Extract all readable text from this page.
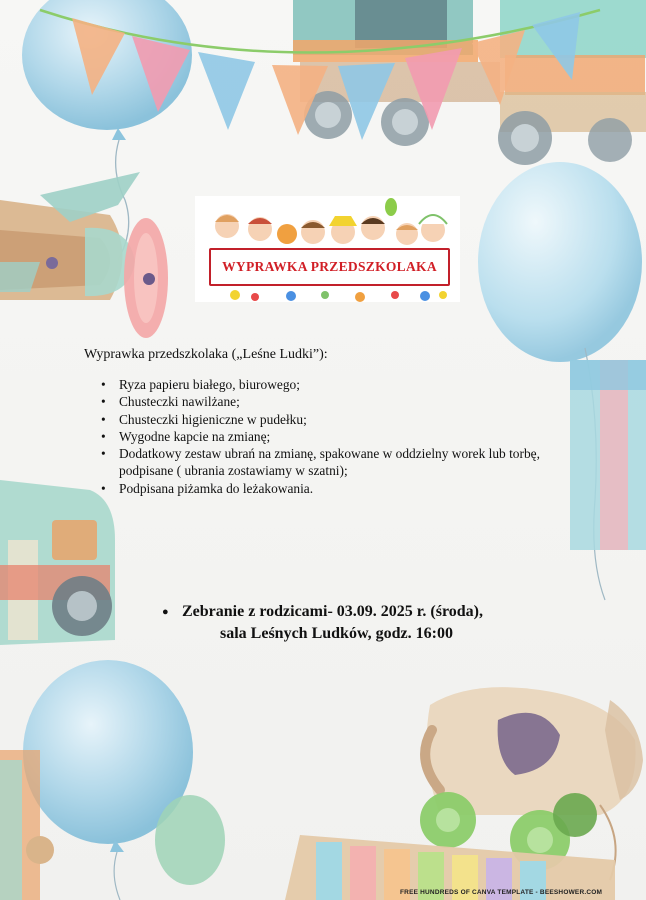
WYPRAWKA PRZEDSZKOLAKA
Wyprawka przedszkolaka („Leśne Ludki”):
• Ryza papieru białego, biurowego;
• Chusteczki nawilżane;
• Chusteczki higieniczne w pudełku;
• Wygodne kapcie na zmianę;
• Dodatkowy zestaw ubrań na zmianę, spakowane w oddzielny worek lub torbę, podpisane ( ubrania zostawiamy w szatni);
• Podpisana piżamka do leżakowania.
● Zebranie z rodzicami- 03.09. 2025 r. (środa),
sala Leśnych Ludków, godz. 16:00
FREE HUNDREDS OF CANVA TEMPLATE - BEESHOWER.COM
